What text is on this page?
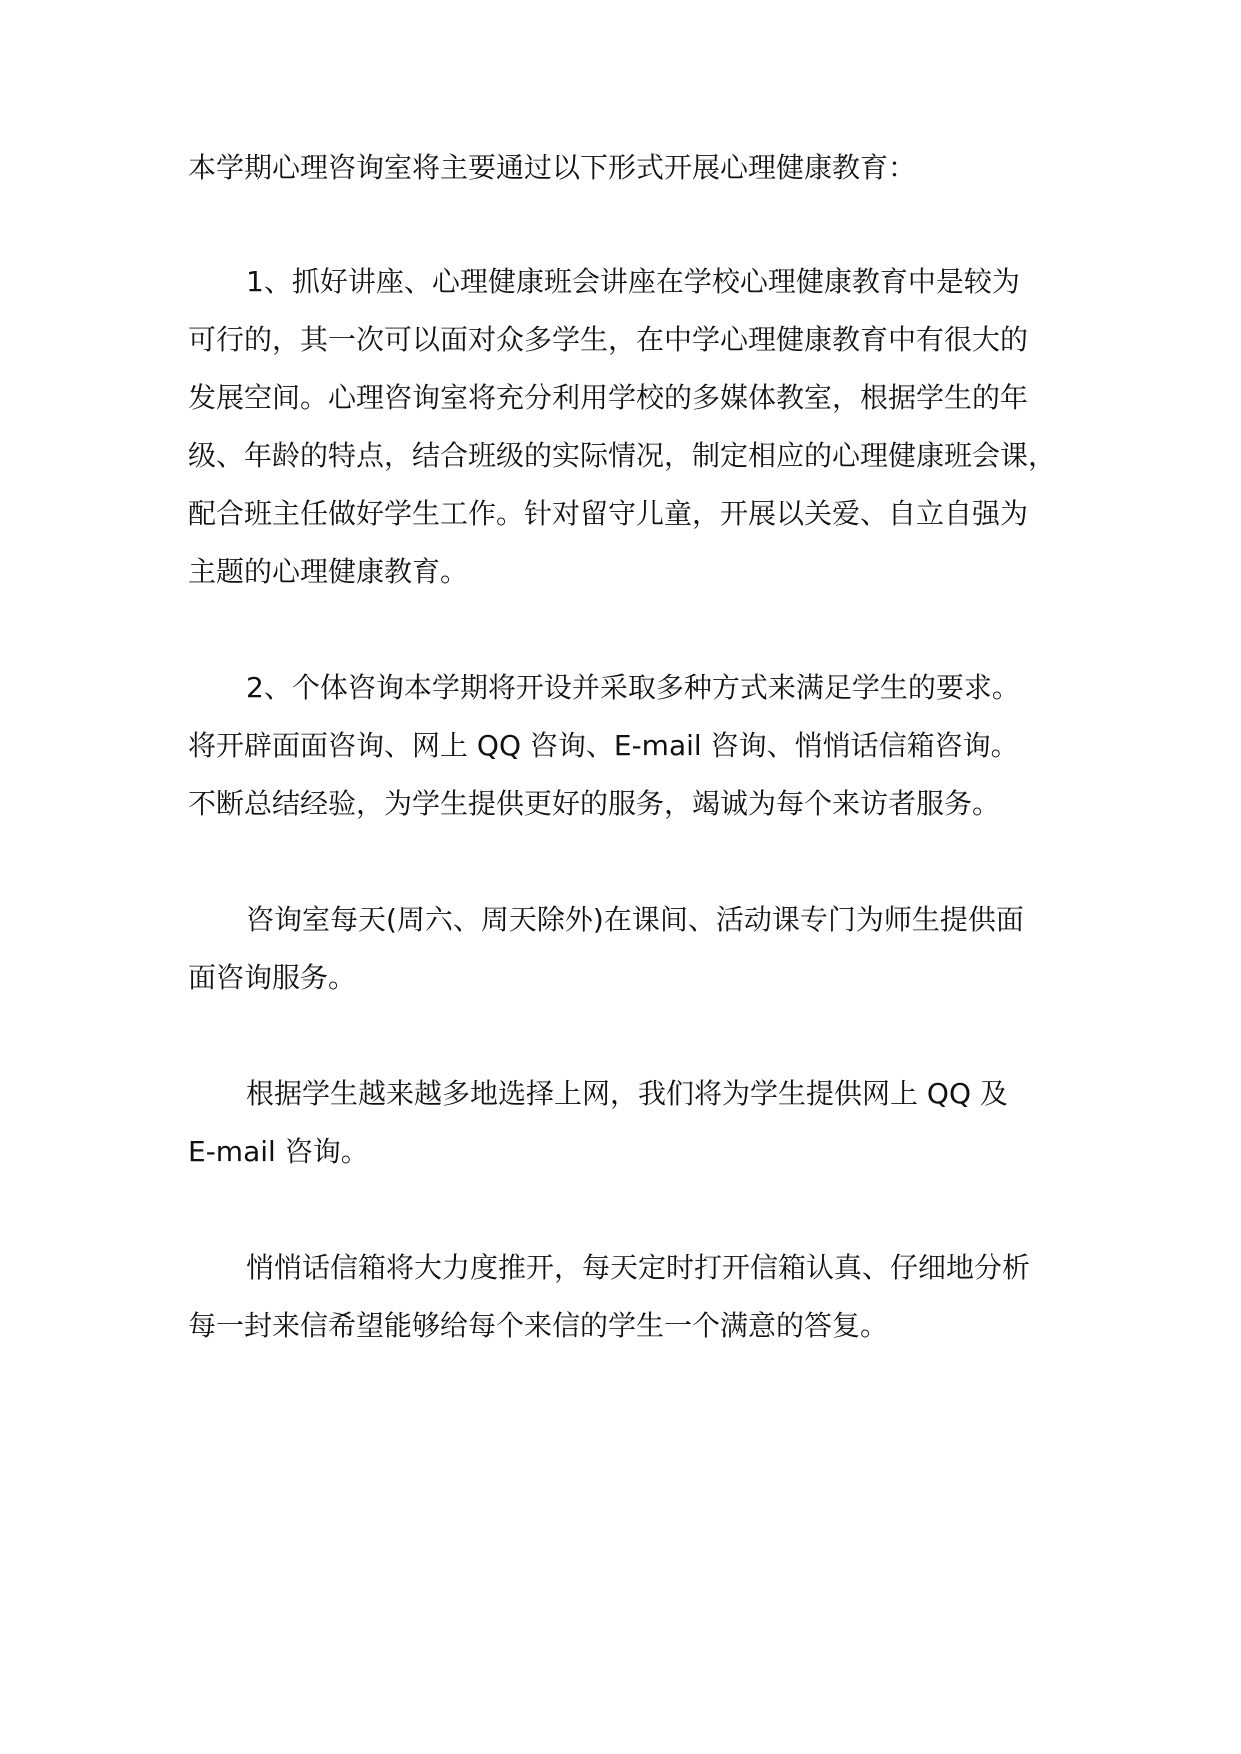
本学期心理咨询室将主要通过以下形式开展心理健康教育：
1、抓好讲座、心理健康班会讲座在学校心理健康教育中是较为
可行的，其一次可以面对众多学生，在中学心理健康教育中有很大的
发展空间。心理咨询室将充分利用学校的多媒体教室，根据学生的年
级、年龄的特点，结合班级的实际情况，制定相应的心理健康班会课，
配合班主任做好学生工作。针对留守儿童，开展以关爱、自立自强为
主题的心理健康教育。
2、个体咨询本学期将开设并采取多种方式来满足学生的要求。
将开辟面面咨询、网上 QQ 咨询、E-mail 咨询、悄悄话信箱咨询。
不断总结经验，为学生提供更好的服务，竭诚为每个来访者服务。
咨询室每天(周六、周天除外)在课间、活动课专门为师生提供面
面咨询服务。
根据学生越来越多地选择上网，我们将为学生提供网上 QQ 及
E-mail 咨询。
悄悄话信箱将大力度推开，每天定时打开信箱认真、仔细地分析
每一封来信希望能够给每个来信的学生一个满意的答复。
